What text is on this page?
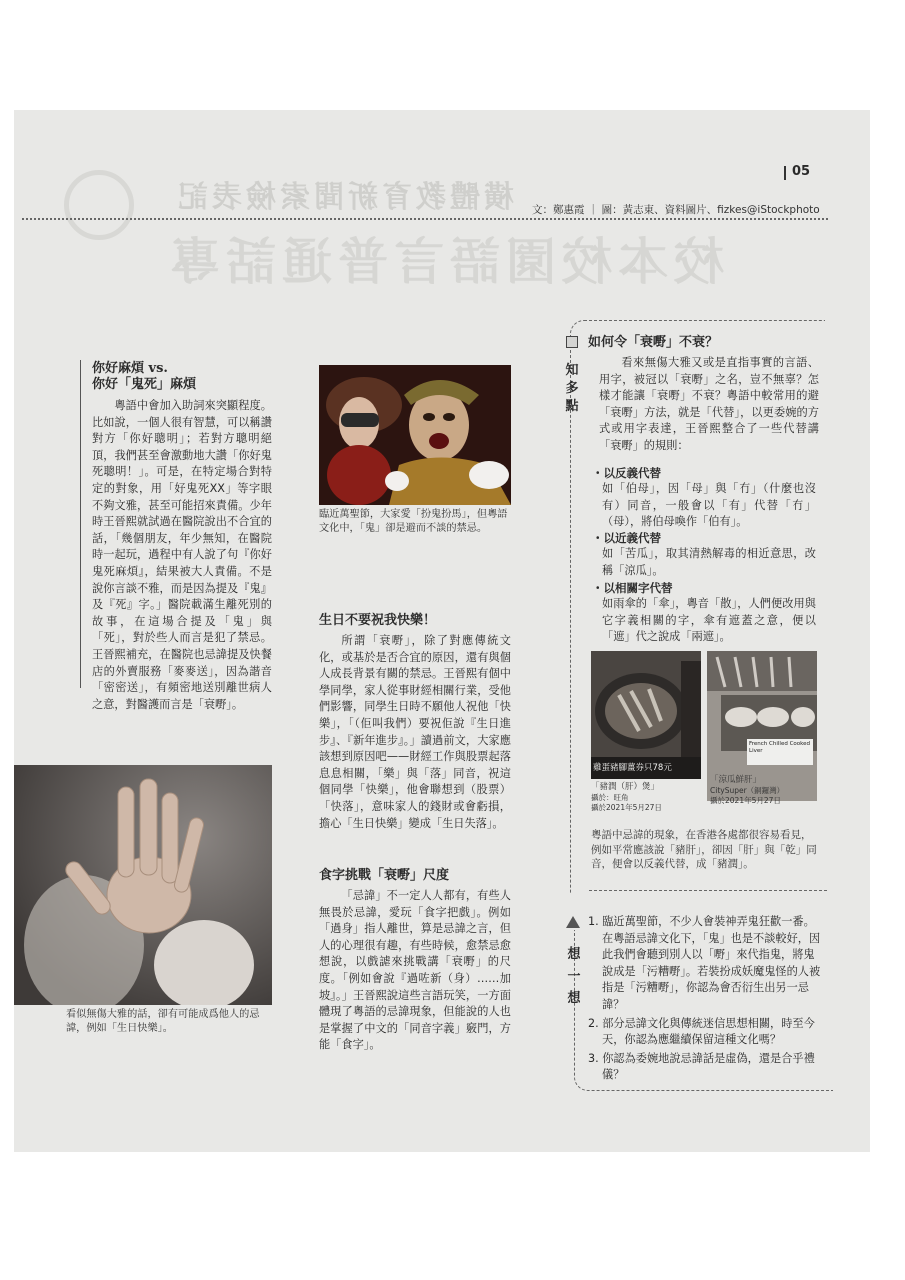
橫體教育新聞索檢表記
校本校園語言普通話專
05
文：鄭惠霞 ｜ 圖：黃志東、資料圖片、fizkes@iStockphoto
你好麻煩 vs.
你好「鬼死」麻煩
粵語中會加入助詞來突顯程度。比如說，一個人很有智慧，可以稱讚對方「你好聰明」；若對方聰明絕頂，我們甚至會激動地大讚「你好鬼死聰明！」。可是，在特定場合對特定的對象，用「好鬼死XX」等字眼不夠文雅，甚至可能招來責備。少年時王晉熙就試過在醫院說出不合宜的話，「幾個朋友，年少無知，在醫院時一起玩，過程中有人說了句『你好鬼死麻煩』，結果被大人責備。不是說你言談不雅，而是因為提及『鬼』及『死』字。」醫院載滿生離死別的故事，在這場合提及「鬼」與「死」，對於些人而言是犯了禁忌。王晉熙補充，在醫院也忌諱提及快餐店的外賣服務「麥麥送」，因為諧音「密密送」，有頻密地送別離世病人之意，對醫護而言是「衰嘢」。
看似無傷大雅的話，卻有可能成爲他人的忌諱，例如「生日快樂」。
臨近萬聖節，大家愛「扮鬼扮馬」，但粵語文化中，「鬼」卻是避而不談的禁忌。
生日不要祝我快樂！
所謂「衰嘢」，除了對應傳統文化，或基於是否合宜的原因，還有與個人成長背景有關的禁忌。王晉熙有個中學同學，家人從事財經相關行業，受他們影響，同學生日時不願他人祝他「快樂」，「（佢叫我們）要祝佢說『生日進步』、『新年進步』。」讀過前文，大家應該想到原因吧——財經工作與股票起落息息相關，「樂」與「落」同音，祝這個同學「快樂」，他會聯想到（股票）「快落」，意味家人的錢財或會虧損，擔心「生日快樂」變成「生日失落」。
食字挑戰「衰嘢」尺度
「忌諱」不一定人人都有，有些人無畏於忌諱，愛玩「食字把戲」。例如「過身」指人離世，算是忌諱之言，但人的心理很有趣，有些時候，愈禁忌愈想說，以戲謔來挑戰講「衰嘢」的尺度。「例如會說『過咗新（身）……加坡』。」王晉熙說這些言語玩笑，一方面體現了粵語的忌諱現象，但能說的人也是掌握了中文的「同音字義」竅門，方能「食字」。
知
多
點
如何令「衰嘢」不衰？
看來無傷大雅又或是直指事實的言語、用字，被冠以「衰嘢」之名，豈不無辜？怎樣才能讓「衰嘢」不衰？粵語中較常用的避「衰嘢」方法，就是「代替」，以更委婉的方式或用字表達，王晉熙整合了一些代替講「衰嘢」的規則：
・以反義代替
如「伯母」，因「母」與「冇」（什麼也沒有）同音，一般會以「有」代替「冇」（母），將伯母喚作「伯有」。
・以近義代替
如「苦瓜」，取其清熱解毒的相近意思，改稱「涼瓜」。
・以相關字代替
如雨傘的「傘」，粵音「散」，人們便改用與它字義相關的字，傘有遮蓋之意，便以「遮」代之說成「兩遮」。
雞蛋豬腳薑券只78元
「豬潤（肝）煲」
攝於：旺角
攝於2021年5月27日
French Chilled Cooked Liver
「涼瓜鮮肝」
CitySuper（銅鑼灣）
攝於2021年5月27日
粵語中忌諱的現象，在香港各處都很容易看見，例如平常應該說「豬肝」，卻因「肝」與「乾」同音，便會以反義代替，成「豬潤」。
想
一
想
1. 臨近萬聖節，不少人會裝神弄鬼狂歡一番。在粵語忌諱文化下，「鬼」也是不談較好，因此我們會聽到別人以「嘢」來代指鬼，將鬼說成是「污糟嘢」。若裝扮成妖魔鬼怪的人被指是「污糟嘢」，你認為會否衍生出另一忌諱？
2. 部分忌諱文化與傳統迷信思想相關，時至今天，你認為應繼續保留這種文化嗎？
3. 你認為委婉地說忌諱話是虛偽，還是合乎禮儀？
